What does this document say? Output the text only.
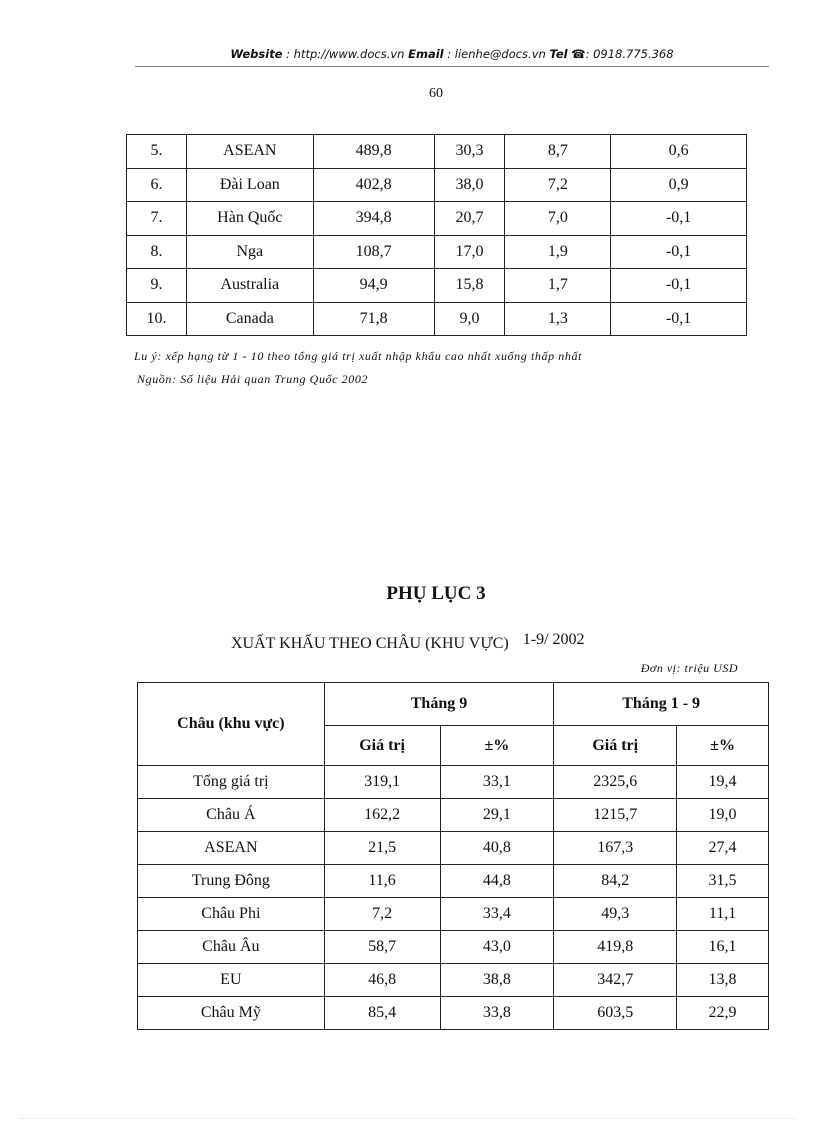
Website : http://www.docs.vn Email : lienhe@docs.vn Tel ☎: 0918.775.368
60
5.	ASEAN	489,8	30,3	8,7	0,6
6.	Đài Loan	402,8	38,0	7,2	0,9
7.	Hàn Quốc	394,8	20,7	7,0	-0,1
8.	Nga	108,7	17,0	1,9	-0,1
9.	Australia	94,9	15,8	1,7	-0,1
10.	Canada	71,8	9,0	1,3	-0,1
Lu ý: xếp hạng từ 1 - 10 theo tổng giá trị xuất nhập khẩu cao nhất xuống thấp nhất
Nguồn: Số liệu Hải quan Trung Quốc 2002
PHỤ LỤC 3
XUẤT KHẨU THEO CHÂU (KHU VỰC) 1-9/ 2002
Đơn vị: triệu USD
Châu (khu vực)	Tháng 9		Tháng 1 - 9	
	Giá trị	±%	Giá trị	±%
Tổng giá trị	319,1	33,1	2325,6	19,4
Châu Á	162,2	29,1	1215,7	19,0
ASEAN	21,5	40,8	167,3	27,4
Trung Đông	11,6	44,8	84,2	31,5
Châu Phi	7,2	33,4	49,3	11,1
Châu Âu	58,7	43,0	419,8	16,1
EU	46,8	38,8	342,7	13,8
Châu Mỹ	85,4	33,8	603,5	22,9
